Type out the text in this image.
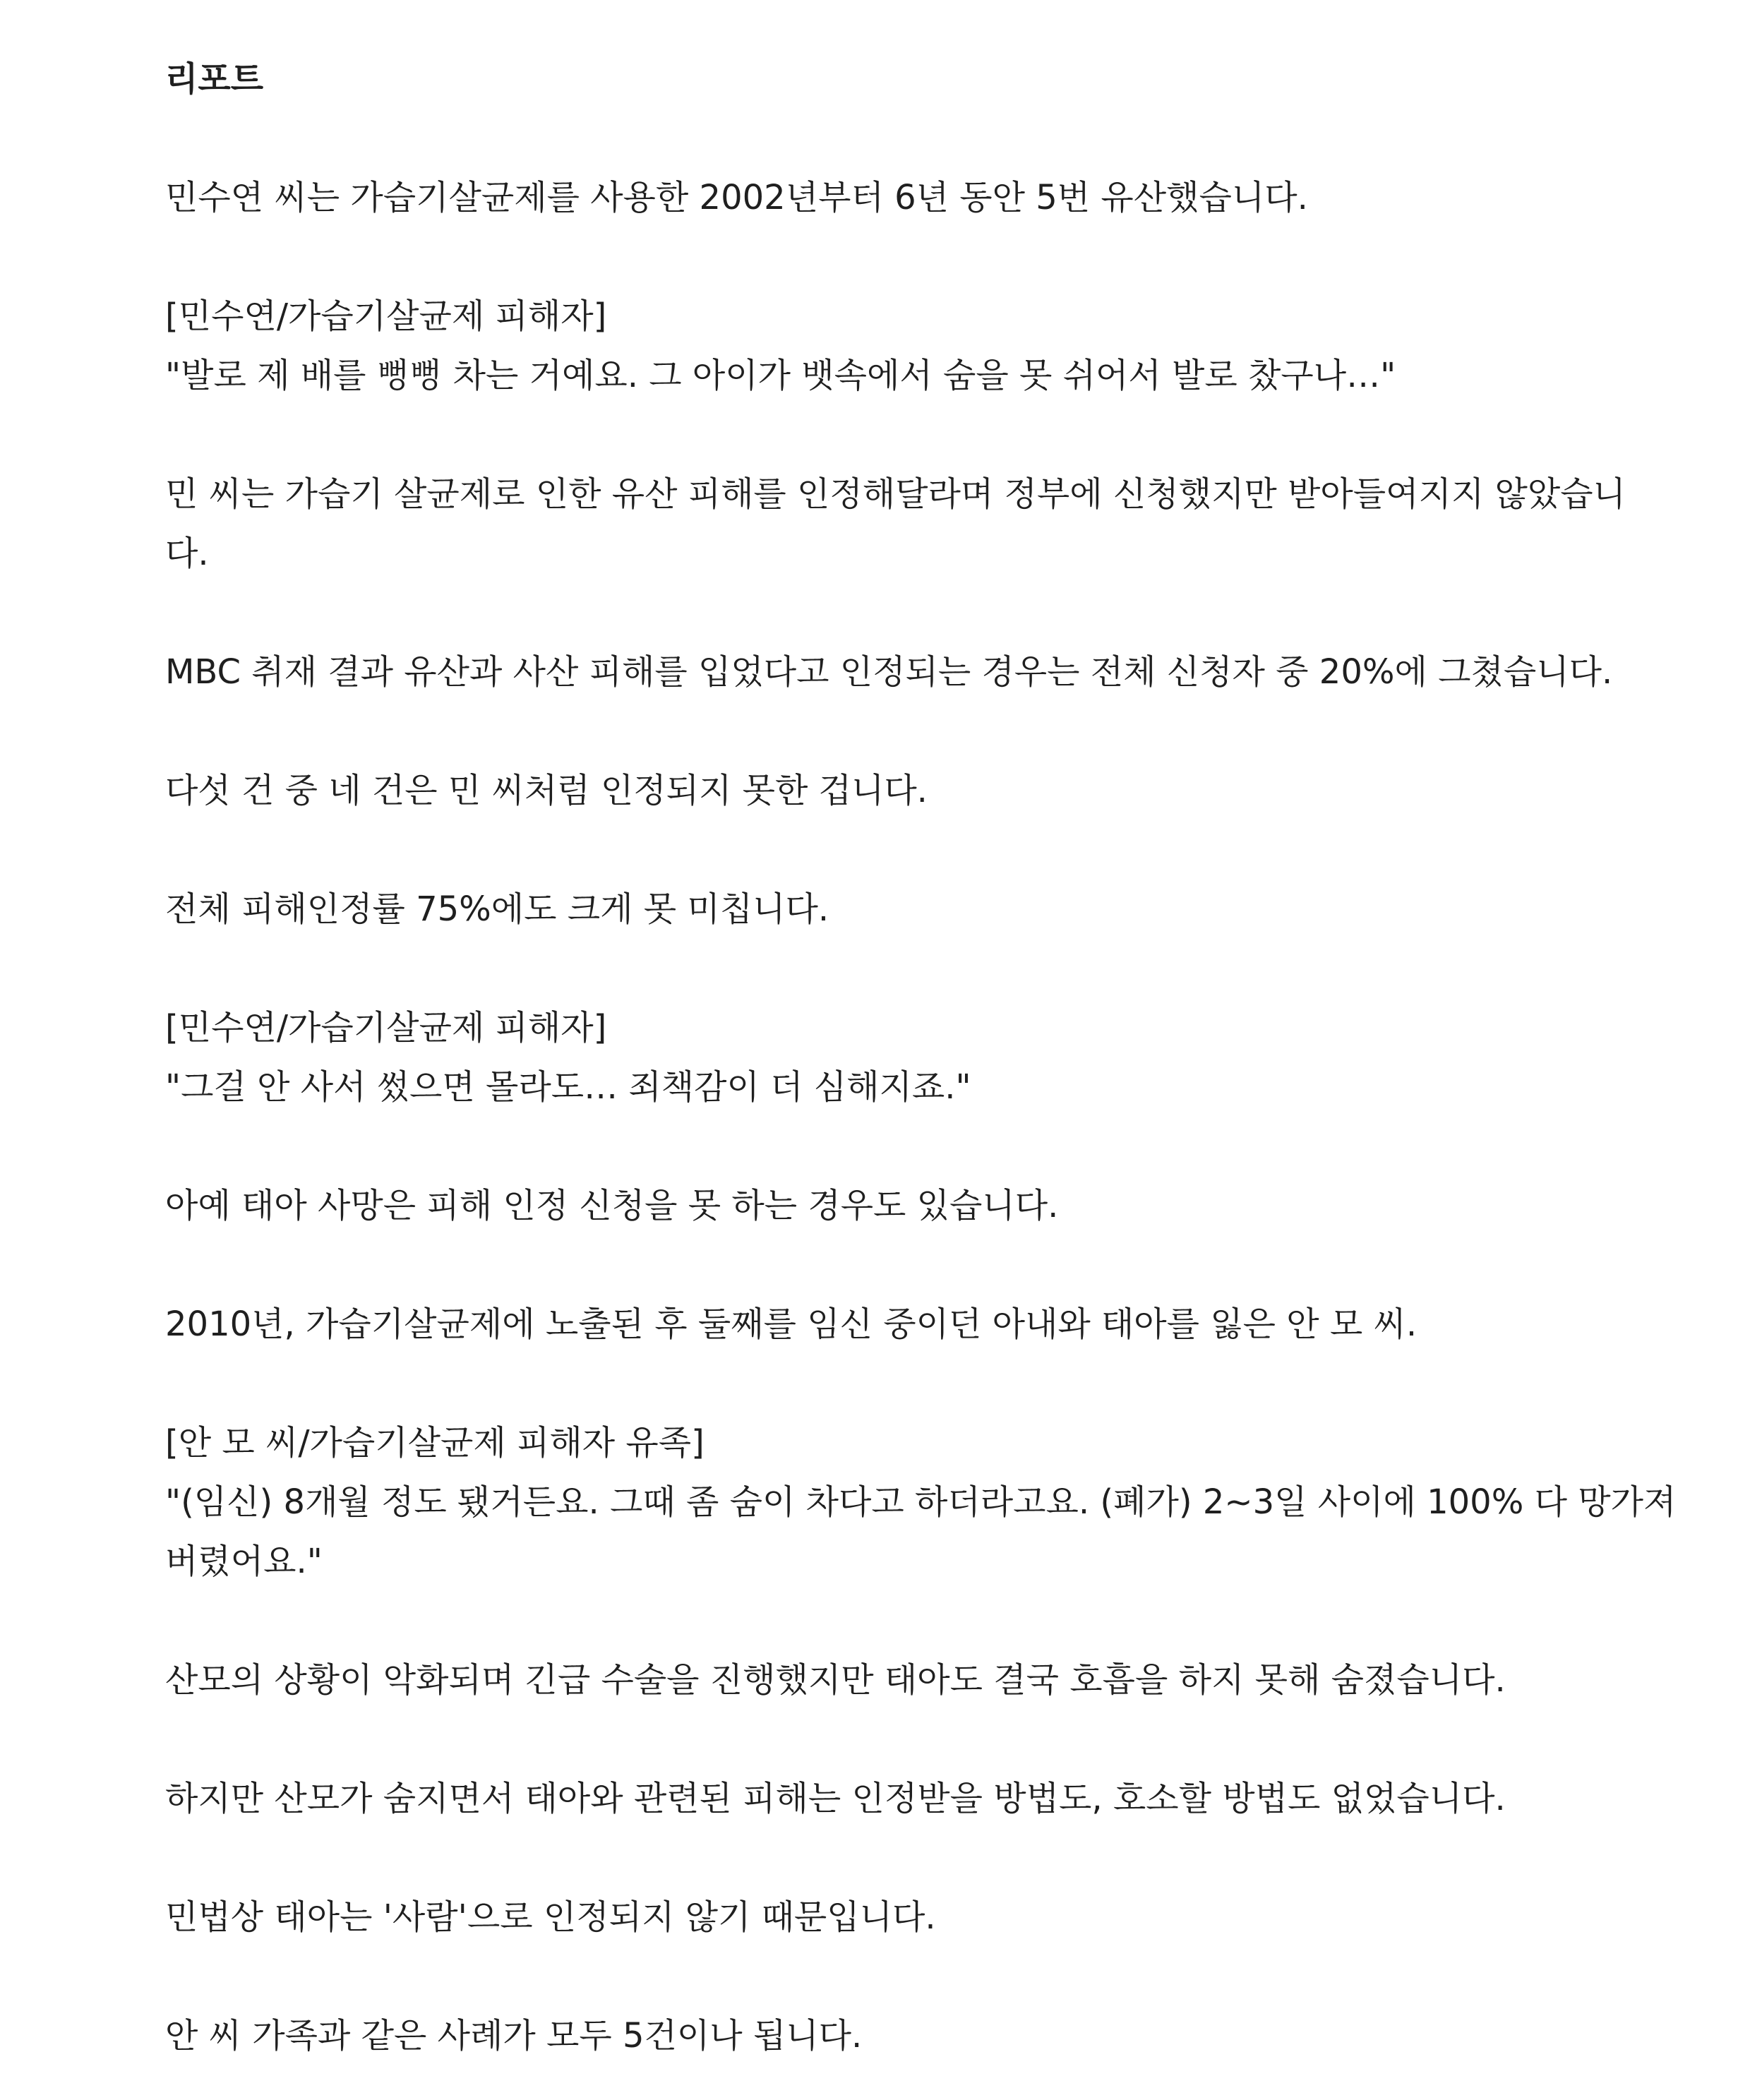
리포트
민수연 씨는 가습기살균제를 사용한 2002년부터 6년 동안 5번 유산했습니다.
[민수연/가습기살균제 피해자]
"발로 제 배를 뻥뻥 차는 거예요. 그 아이가 뱃속에서 숨을 못 쉬어서 발로 찼구나…"
민 씨는 가습기 살균제로 인한 유산 피해를 인정해달라며 정부에 신청했지만 받아들여지지 않았습니
다.
MBC 취재 결과 유산과 사산 피해를 입었다고 인정되는 경우는 전체 신청자 중 20%에 그쳤습니다.
다섯 건 중 네 건은 민 씨처럼 인정되지 못한 겁니다.
전체 피해인정률 75%에도 크게 못 미칩니다.
[민수연/가습기살균제 피해자]
"그걸 안 사서 썼으면 몰라도… 죄책감이 더 심해지죠."
아예 태아 사망은 피해 인정 신청을 못 하는 경우도 있습니다.
2010년, 가습기살균제에 노출된 후 둘째를 임신 중이던 아내와 태아를 잃은 안 모 씨.
[안 모 씨/가습기살균제 피해자 유족]
"(임신) 8개월 정도 됐거든요. 그때 좀 숨이 차다고 하더라고요. (폐가) 2~3일 사이에 100% 다 망가져
버렸어요."
산모의 상황이 악화되며 긴급 수술을 진행했지만 태아도 결국 호흡을 하지 못해 숨졌습니다.
하지만 산모가 숨지면서 태아와 관련된 피해는 인정받을 방법도, 호소할 방법도 없었습니다.
민법상 태아는 '사람'으로 인정되지 않기 때문입니다.
안 씨 가족과 같은 사례가 모두 5건이나 됩니다.
